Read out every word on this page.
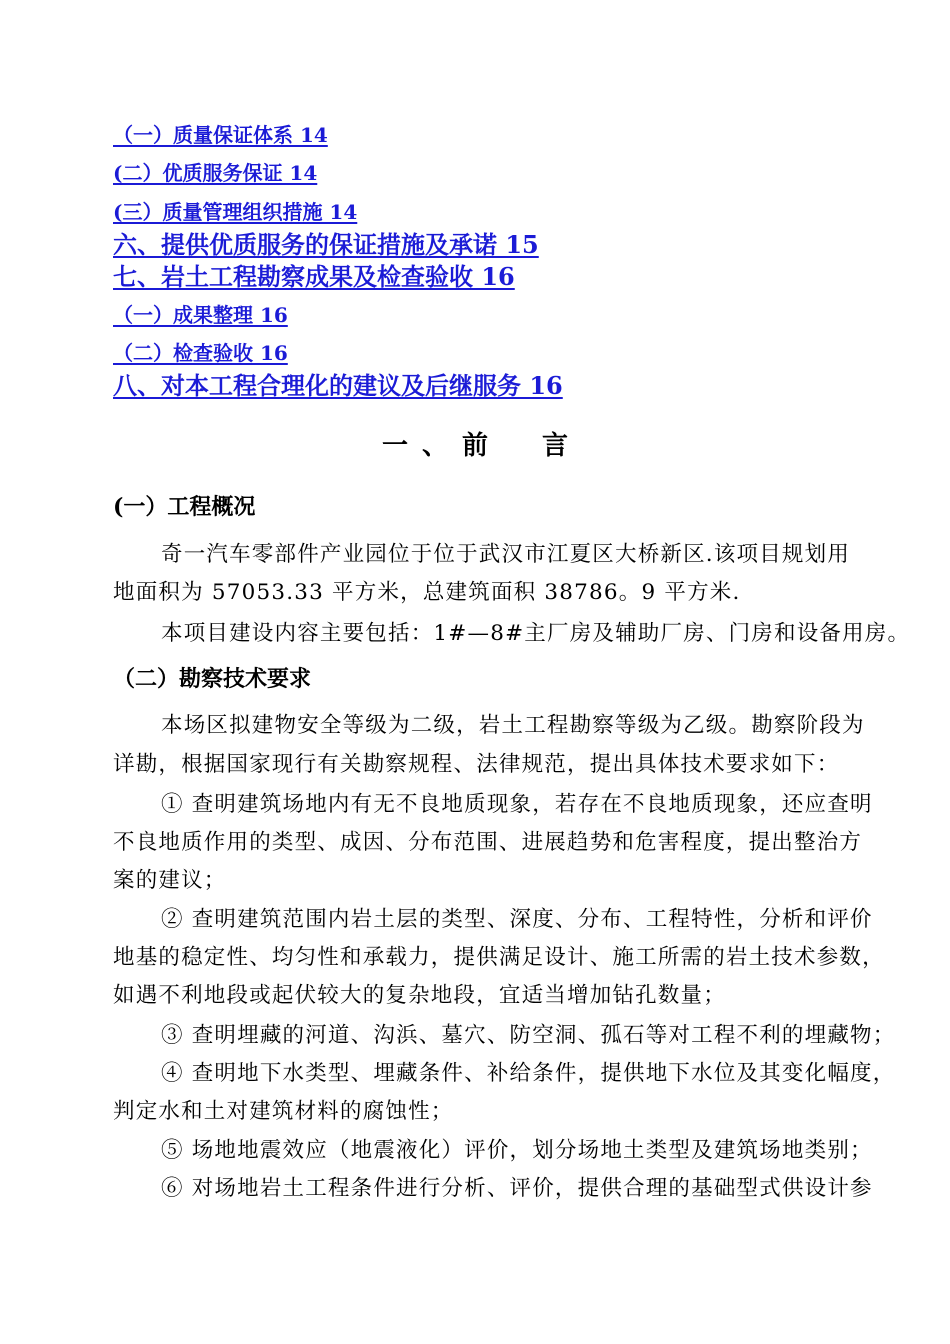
（一）质量保证体系 14
(二）优质服务保证 14
(三）质量管理组织措施 14
六、提供优质服务的保证措施及承诺 15
七、岩土工程勘察成果及检查验收 16
（一）成果整理 16
（二）检查验收 16
八、对本工程合理化的建议及后继服务 16
一、前　言
(一）工程概况
奇一汽车零部件产业园位于位于武汉市江夏区大桥新区.该项目规划用
地面积为 57053.33 平方米，总建筑面积 38786。9 平方米.
本项目建设内容主要包括：1#—8#主厂房及辅助厂房、门房和设备用房。
（二）勘察技术要求
本场区拟建物安全等级为二级，岩土工程勘察等级为乙级。勘察阶段为
详勘，根据国家现行有关勘察规程、法律规范，提出具体技术要求如下：
① 查明建筑场地内有无不良地质现象，若存在不良地质现象，还应查明
不良地质作用的类型、成因、分布范围、进展趋势和危害程度，提出整治方
案的建议；
② 查明建筑范围内岩土层的类型、深度、分布、工程特性，分析和评价
地基的稳定性、均匀性和承载力，提供满足设计、施工所需的岩土技术参数，
如遇不利地段或起伏较大的复杂地段，宜适当增加钻孔数量；
③ 查明埋藏的河道、沟浜、墓穴、防空洞、孤石等对工程不利的埋藏物；
④ 查明地下水类型、埋藏条件、补给条件，提供地下水位及其变化幅度，
判定水和土对建筑材料的腐蚀性；
⑤ 场地地震效应（地震液化）评价，划分场地土类型及建筑场地类别；
⑥ 对场地岩土工程条件进行分析、评价，提供合理的基础型式供设计参
